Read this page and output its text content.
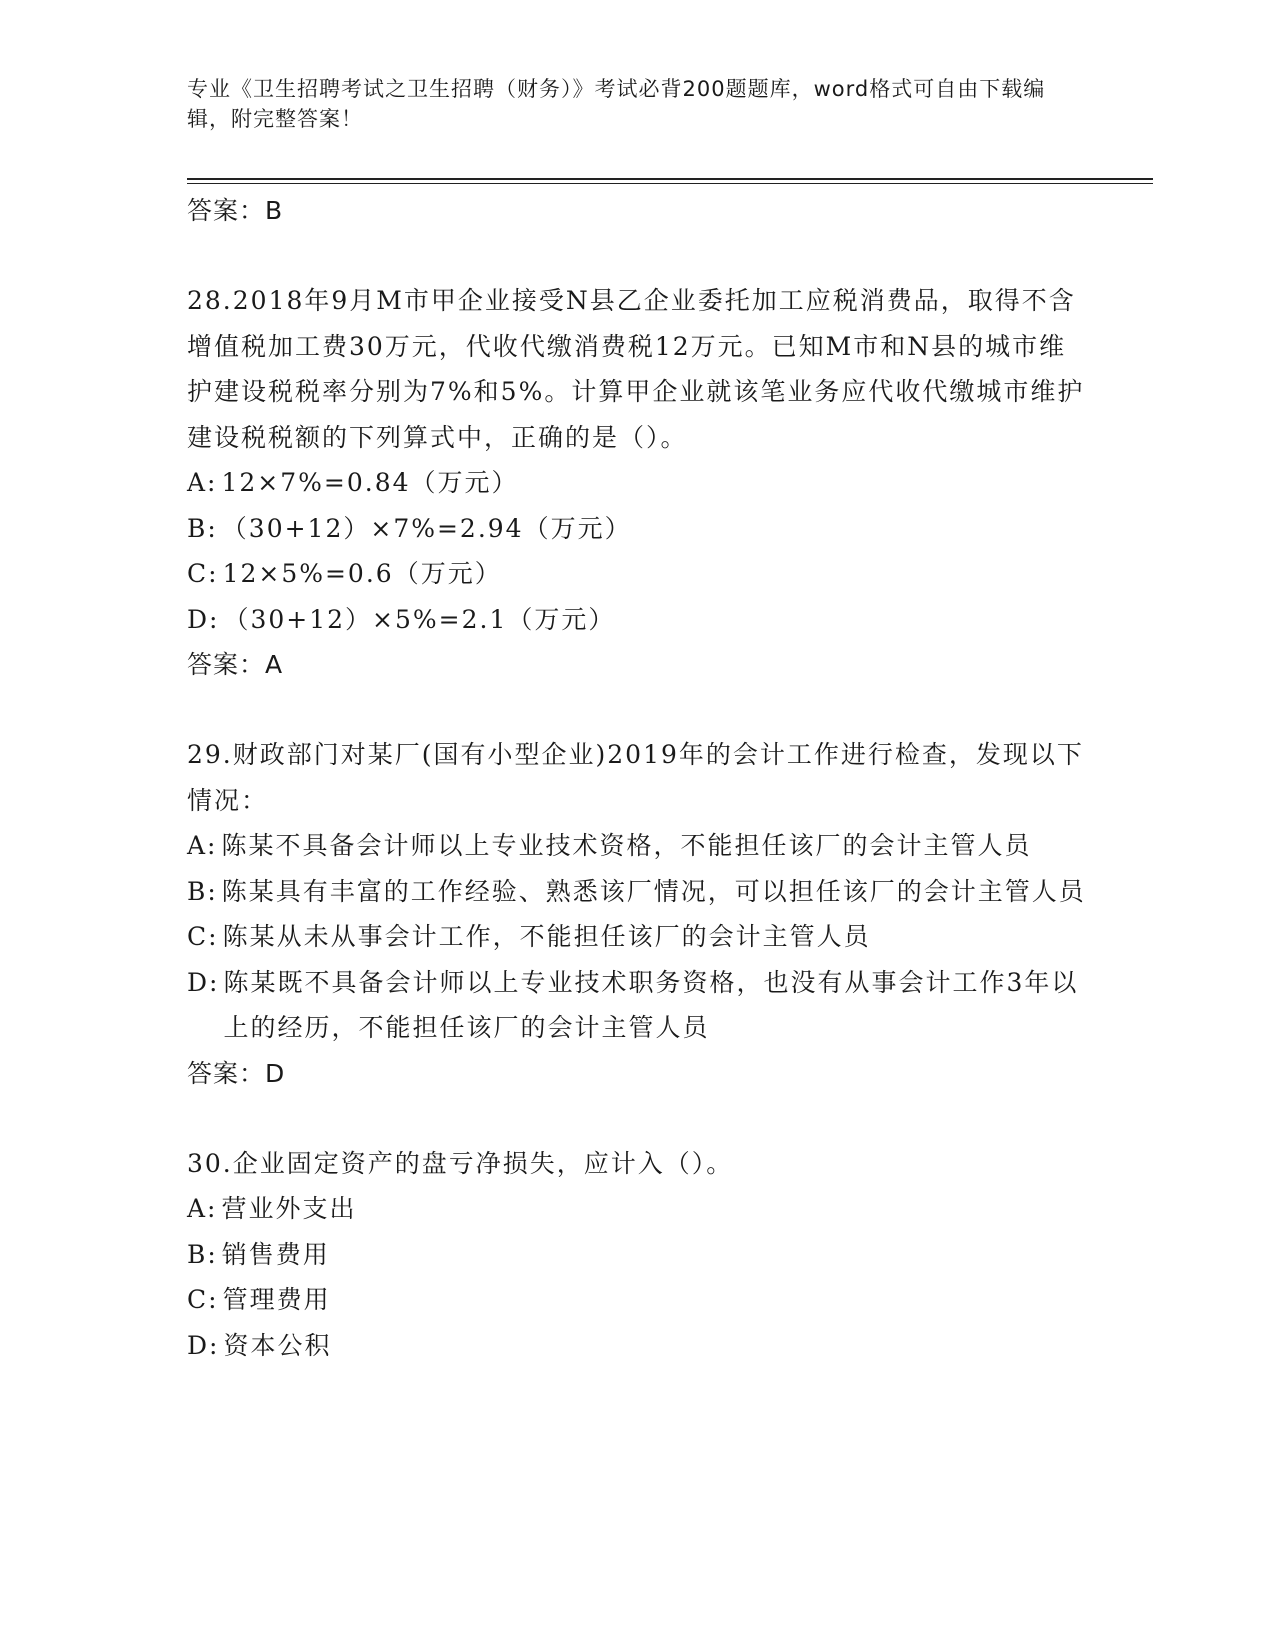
专业《卫生招聘考试之卫生招聘（财务）》考试必背200题题库，word格式可自由下载编辑，附完整答案！
答案：B
28.2018年9月M市甲企业接受N县乙企业委托加工应税消费品，取得不含增值税加工费30万元，代收代缴消费税12万元。已知M市和N县的城市维护建设税税率分别为7%和5%。计算甲企业就该笔业务应代收代缴城市维护建设税税额的下列算式中，正确的是（）。
A: 12×7%=0.84（万元）
B: （30+12）×7%=2.94（万元）
C: 12×5%=0.6（万元）
D: （30+12）×5%=2.1（万元）
答案：A
29.财政部门对某厂(国有小型企业)2019年的会计工作进行检查，发现以下情况：
A: 陈某不具备会计师以上专业技术资格，不能担任该厂的会计主管人员
B: 陈某具有丰富的工作经验、熟悉该厂情况，可以担任该厂的会计主管人员
C: 陈某从未从事会计工作，不能担任该厂的会计主管人员
D: 陈某既不具备会计师以上专业技术职务资格，也没有从事会计工作3年以上的经历，不能担任该厂的会计主管人员
答案：D
30.企业固定资产的盘亏净损失，应计入（）。
A: 营业外支出
B: 销售费用
C: 管理费用
D: 资本公积
